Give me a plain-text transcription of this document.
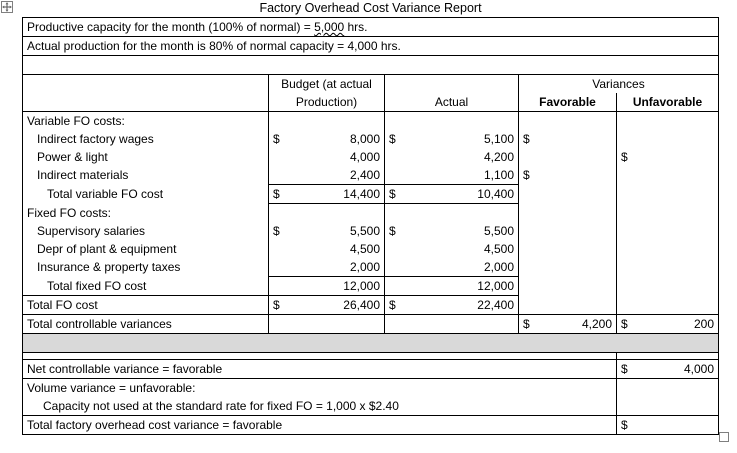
Factory Overhead Cost Variance Report
Productive capacity for the month (100% of normal) = 5,000 hrs.								
Actual production for the month is 80% of normal capacity = 4,000 hrs.								

	Budget (at actual				Variances			
	Production)		Actual		Favorable		Unfavorable	
Variable FO costs:								
Indirect factory wages	$	8,000	$	5,100	$			
Power & light		4,000		4,200			$	
Indirect materials		2,400		1,100	$			
Total variable FO cost	$	14,400	$	10,400				
Fixed FO costs:								
Supervisory salaries	$	5,500	$	5,500				
Depr of plant & equipment		4,500		4,500				
Insurance & property taxes		2,000		2,000				
Total fixed FO cost		12,000		12,000				
Total FO cost	$	26,400	$	22,400				
Total controllable variances					$	4,200	$	200

Net controllable variance = favorable							$	4,000
Volume variance = unfavorable:								
Capacity not used at the standard rate for fixed FO = 1,000 x $2.40								
Total factory overhead cost variance = favorable							$	
